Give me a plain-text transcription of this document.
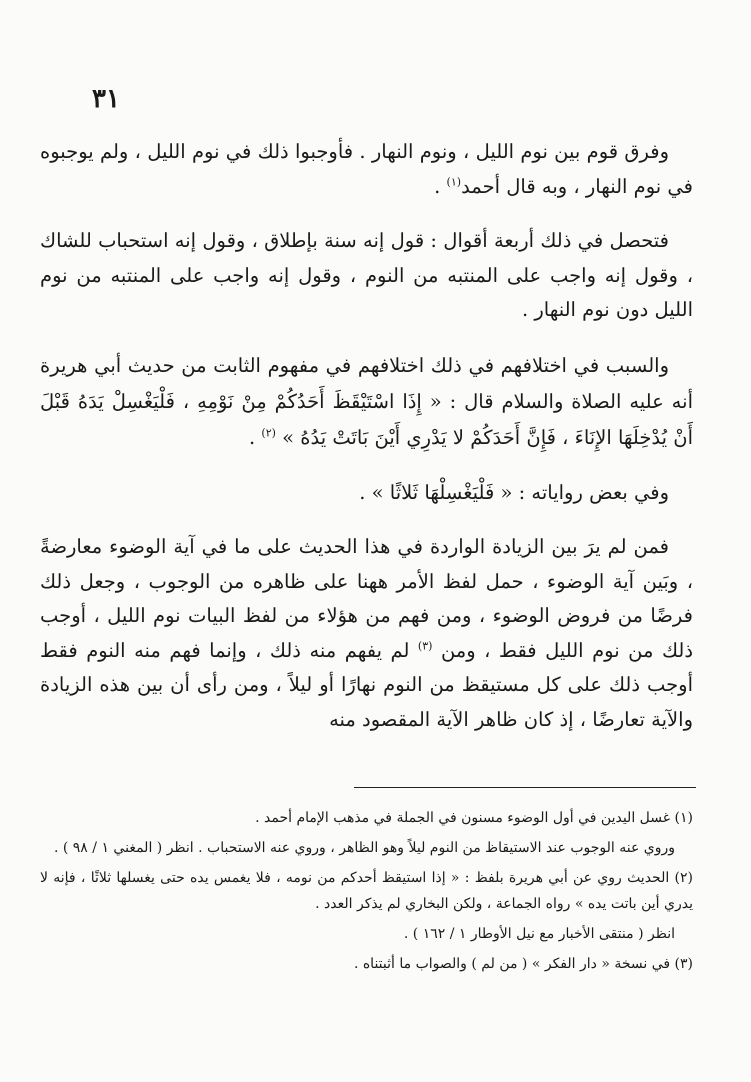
٣١

وفرق قوم بين نوم الليل ، ونوم النهار . فأوجبوا ذلك في نوم الليل ، ولم يوجبوه في نوم النهار ، وبه قال أحمد$^{(١)}$ .

فتحصل في ذلك أربعة أقوال : قول إنه سنة بإطلاق ، وقول إنه استحباب للشاك ، وقول إنه واجب على المنتبه من النوم ، وقول إنه واجب على المنتبه من نوم الليل دون نوم النهار .

والسبب في اختلافهم في ذلك اختلافهم في مفهوم الثابت من حديث أبي هريرة أنه عليه الصلاة والسلام قال : « إِذَا اسْتَيْقَظَ أَحَدُكُمْ مِنْ نَوْمِهِ ، فَلْيَغْسِلْ يَدَهُ قَبْلَ أَنْ يُدْخِلَهَا الإِنَاءَ ، فَإِنَّ أَحَدَكُمْ لا يَدْرِي أَيْنَ بَاتَتْ يَدُهُ » $^{(٢)}$ .

وفي بعض رواياته : « فَلْيَغْسِلْهَا ثَلاثًا » .

فمن لم يرَ بين الزيادة الواردة في هذا الحديث على ما في آية الوضوء معارضةً ، وبَين آية الوضوء ، حمل لفظ الأمر ههنا على ظاهره من الوجوب ، وجعل ذلك فرضًا من فروض الوضوء ، ومن فهم من هؤلاء من لفظ البيات نوم الليل ، أوجب ذلك من نوم الليل فقط ، ومن $^{(٣)}$ لم يفهم منه ذلك ، وإنما فهم منه النوم فقط أوجب ذلك على كل مستيقظ من النوم نهارًا أو ليلاً ، ومن رأى أن بين هذه الزيادة والآية تعارضًا ، إذ كان ظاهر الآية المقصود منه

(١) غسل اليدين في أول الوضوء مسنون في الجملة في مذهب الإمام أحمد .

وروي عنه الوجوب عند الاستيقاظ من النوم ليلاً وهو الظاهر ، وروي عنه الاستحباب . انظر ( المغني ١ / ٩٨ ) .

(٢) الحديث روي عن أبي هريرة بلفظ : « إذا استيقظ أحدكم من نومه ، فلا يغمس يده حتى يغسلها ثلاثًا ، فإنه لا يدري أين باتت يده » رواه الجماعة ، ولكن البخاري لم يذكر العدد .

انظر ( منتقى الأخبار مع نيل الأوطار ١ / ١٦٢ ) .

(٣) في نسخة « دار الفكر » ( من لم ) والصواب ما أثبتناه .
